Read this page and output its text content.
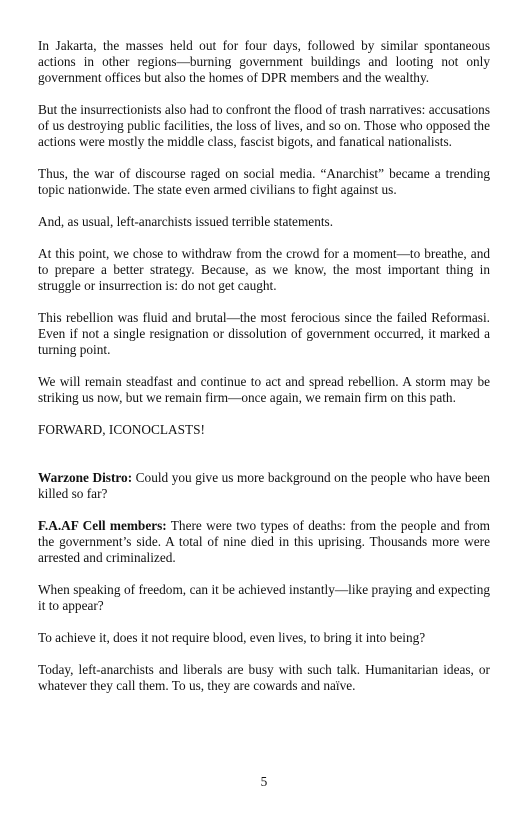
In Jakarta, the masses held out for four days, followed by similar spontaneous actions in other regions—burning government buildings and looting not only government offices but also the homes of DPR members and the wealthy.

But the insurrectionists also had to confront the flood of trash narratives: accusations of us destroying public facilities, the loss of lives, and so on. Those who opposed the actions were mostly the middle class, fascist bigots, and fanatical nationalists.

Thus, the war of discourse raged on social media. “Anarchist” became a trending topic nationwide. The state even armed civilians to fight against us.

And, as usual, left-anarchists issued terrible statements.

At this point, we chose to withdraw from the crowd for a moment—to breathe, and to prepare a better strategy. Because, as we know, the most important thing in struggle or insurrection is: do not get caught.

This rebellion was fluid and brutal—the most ferocious since the failed Reformasi. Even if not a single resignation or dissolution of government occurred, it marked a turning point.

We will remain steadfast and continue to act and spread rebellion. A storm may be striking us now, but we remain firm—once again, we remain firm on this path.

FORWARD, ICONOCLASTS!

Warzone Distro: Could you give us more background on the people who have been killed so far?

F.A.AF Cell members: There were two types of deaths: from the people and from the government’s side. A total of nine died in this uprising. Thousands more were arrested and criminalized.

When speaking of freedom, can it be achieved instantly—like praying and expecting it to appear?

To achieve it, does it not require blood, even lives, to bring it into being?

Today, left-anarchists and liberals are busy with such talk. Humanitarian ideas, or whatever they call them. To us, they are cowards and naïve.

5
